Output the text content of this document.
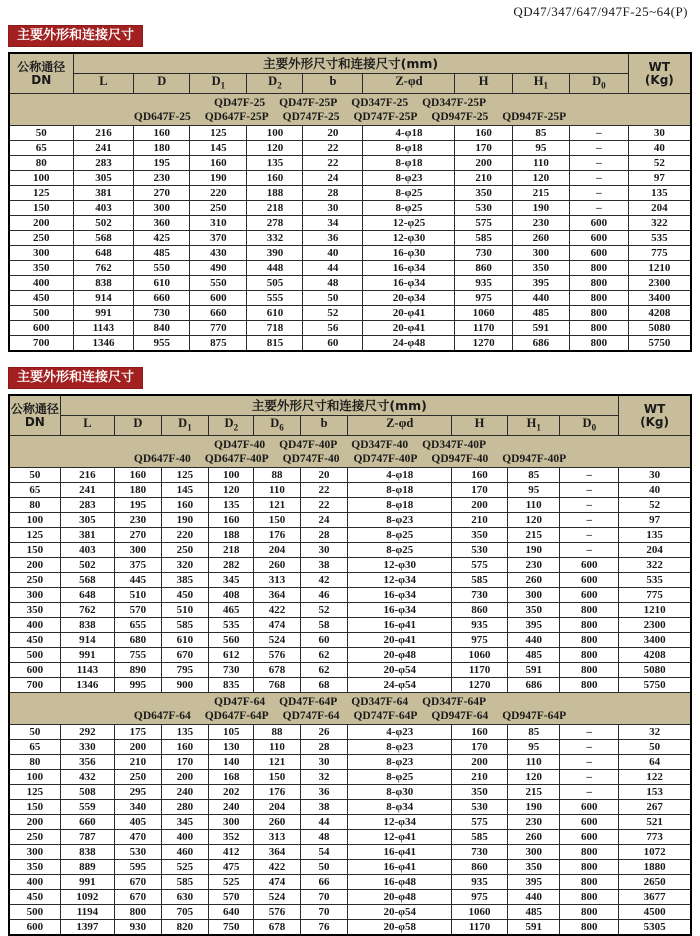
QD47/347/647/947F-25~64(P)
主要外形和连接尺寸
公称通径
DN
	主要外形尺寸和连接尺寸(mm)	WT
(Kg)

	L	D	$D_1$	$D_2$	b	Z-φd	H	$H_1$	$D_0$

QD47F-25 QD47F-25P QD347F-25 QD347F-25P
QD647F-25 QD647F-25P QD747F-25 QD747F-25P QD947F-25 QD947F-25P

50	216	160	125	100	20	4-φ18	160	85	–	30
65	241	180	145	120	22	8-φ18	170	95	–	40
80	283	195	160	135	22	8-φ18	200	110	–	52
100	305	230	190	160	24	8-φ23	210	120	–	97
125	381	270	220	188	28	8-φ25	350	215	–	135
150	403	300	250	218	30	8-φ25	530	190	–	204
200	502	360	310	278	34	12-φ25	575	230	600	322
250	568	425	370	332	36	12-φ30	585	260	600	535
300	648	485	430	390	40	16-φ30	730	300	600	775
350	762	550	490	448	44	16-φ34	860	350	800	1210
400	838	610	550	505	48	16-φ34	935	395	800	2300
450	914	660	600	555	50	20-φ34	975	440	800	3400
500	991	730	660	610	52	20-φ41	1060	485	800	4208
600	1143	840	770	718	56	20-φ41	1170	591	800	5080
700	1346	955	875	815	60	24-φ48	1270	686	800	5750
主要外形和连接尺寸
公称通径
DN
	主要外形尺寸和连接尺寸(mm)	WT
(Kg)

	L	D	$D_1$	$D_2$	$D_6$	b	Z-φd	H	$H_1$	$D_0$

QD47F-40 QD47F-40P QD347F-40 QD347F-40P
QD647F-40 QD647F-40P QD747F-40 QD747F-40P QD947F-40 QD947F-40P

50	216	160	125	100	88	20	4-φ18	160	85	–	30
65	241	180	145	120	110	22	8-φ18	170	95	–	40
80	283	195	160	135	121	22	8-φ18	200	110	–	52
100	305	230	190	160	150	24	8-φ23	210	120	–	97
125	381	270	220	188	176	28	8-φ25	350	215	–	135
150	403	300	250	218	204	30	8-φ25	530	190	–	204
200	502	375	320	282	260	38	12-φ30	575	230	600	322
250	568	445	385	345	313	42	12-φ34	585	260	600	535
300	648	510	450	408	364	46	16-φ34	730	300	600	775
350	762	570	510	465	422	52	16-φ34	860	350	800	1210
400	838	655	585	535	474	58	16-φ41	935	395	800	2300
450	914	680	610	560	524	60	20-φ41	975	440	800	3400
500	991	755	670	612	576	62	20-φ48	1060	485	800	4208
600	1143	890	795	730	678	62	20-φ54	1170	591	800	5080
700	1346	995	900	835	768	68	24-φ54	1270	686	800	5750

QD47F-64 QD47F-64P QD347F-64 QD347F-64P
QD647F-64 QD647F-64P QD747F-64 QD747F-64P QD947F-64 QD947F-64P

50	292	175	135	105	88	26	4-φ23	160	85	–	32
65	330	200	160	130	110	28	8-φ23	170	95	–	50
80	356	210	170	140	121	30	8-φ23	200	110	–	64
100	432	250	200	168	150	32	8-φ25	210	120	–	122
125	508	295	240	202	176	36	8-φ30	350	215	–	153
150	559	340	280	240	204	38	8-φ34	530	190	600	267
200	660	405	345	300	260	44	12-φ34	575	230	600	521
250	787	470	400	352	313	48	12-φ41	585	260	600	773
300	838	530	460	412	364	54	16-φ41	730	300	800	1072
350	889	595	525	475	422	50	16-φ41	860	350	800	1880
400	991	670	585	525	474	66	16-φ48	935	395	800	2650
450	1092	670	630	570	524	70	20-φ48	975	440	800	3677
500	1194	800	705	640	576	70	20-φ54	1060	485	800	4500
600	1397	930	820	750	678	76	20-φ58	1170	591	800	5305
